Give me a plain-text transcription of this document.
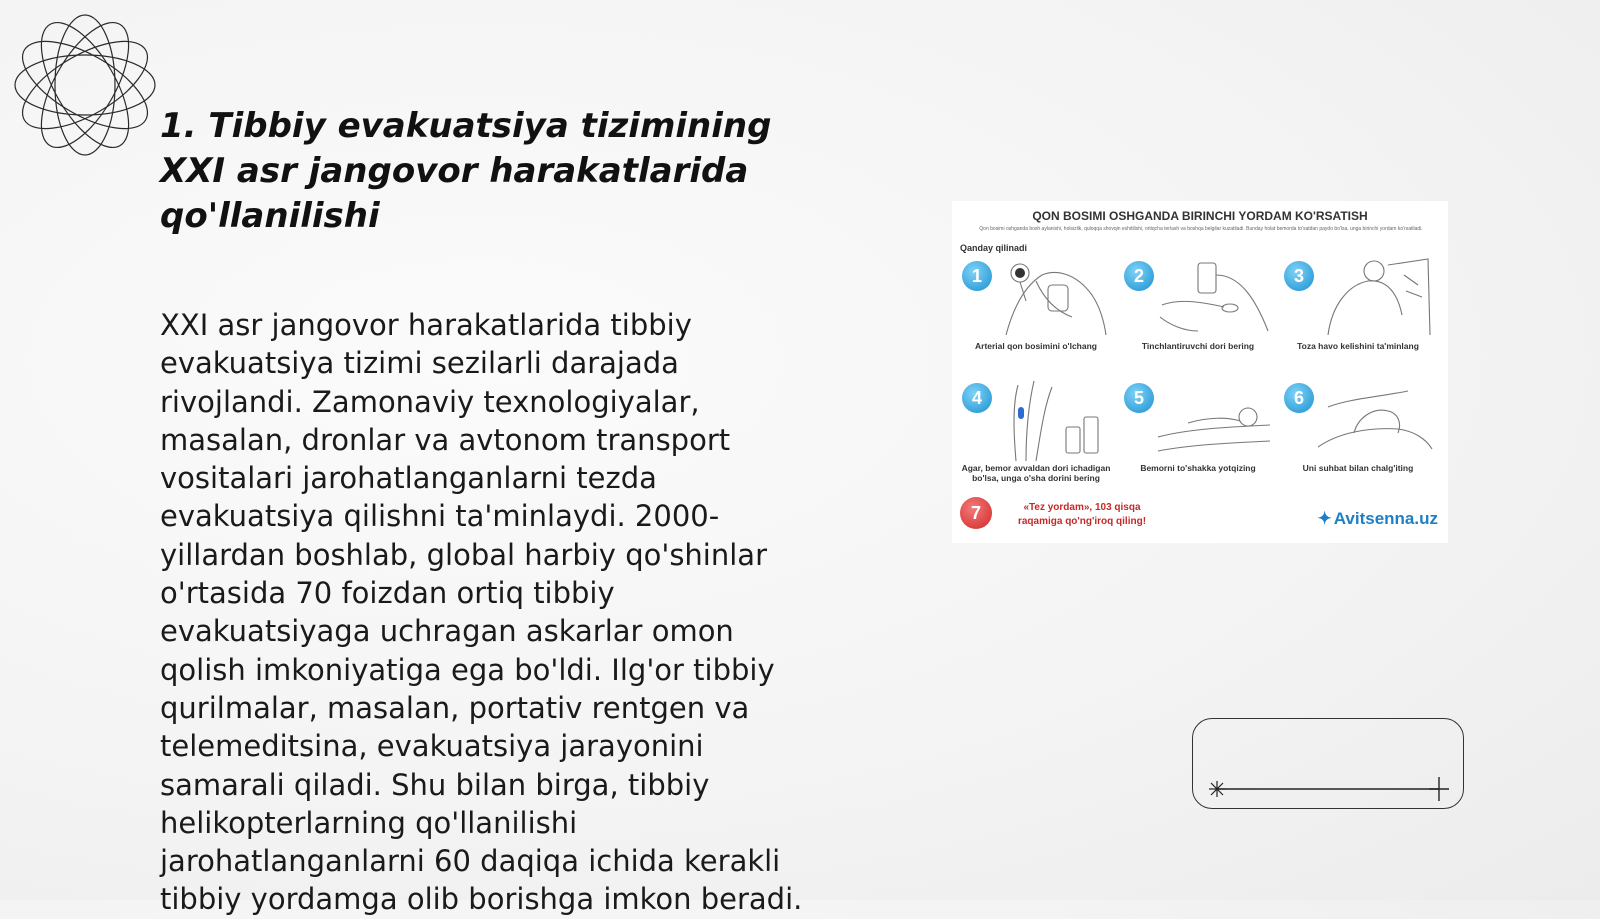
1. Tibbiy evakuatsiya tizimining XXI asr jangovor harakatlarida qo'llanilishi

XXI asr jangovor harakatlarida tibbiy evakuatsiya tizimi sezilarli darajada rivojlandi. Zamonaviy texnologiyalar, masalan, dronlar va avtonom transport vositalari jarohatlanganlarni tezda evakuatsiya qilishni ta'minlaydi. 2000-yillardan boshlab, global harbiy qo'shinlar o'rtasida 70 foizdan ortiq tibbiy evakuatsiyaga uchragan askarlar omon qolish imkoniyatiga ega bo'ldi. Ilg'or tibbiy qurilmalar, masalan, portativ rentgen va telemeditsina, evakuatsiya jarayonini samarali qiladi. Shu bilan birga, tibbiy helikopterlarning qo'llanilishi jarohatlanganlarni 60 daqiqa ichida kerakli tibbiy yordamga olib borishga imkon beradi.

QON BOSIMI OSHGANDA BIRINCHI YORDAM KO'RSATISH
Qon bosimi oshganda bosh aylanishi, holsizlik, quloqqa shovqin eshitilishi, ortiqcha terlash va boshqa belgilar kuzatiladi. Bunday holat bemorda to'satdan paydo bo'lsa, unga birinchi yordam ko'rsatiladi.
Qanday qilinadi
1
Arterial qon bosimini o'lchang
2
Tinchlantiruvchi dori bering
3
Toza havo kelishini ta'minlang
4
Agar, bemor avvaldan dori ichadigan bo'lsa, unga o'sha dorini bering
5
Bemorni to'shakka yotqizing
6
Uni suhbat bilan chalg'iting
7	«Tez yordam», 103 qisqa raqamiga qo'ng'iroq qiling!	✦ Avitsenna.uz
